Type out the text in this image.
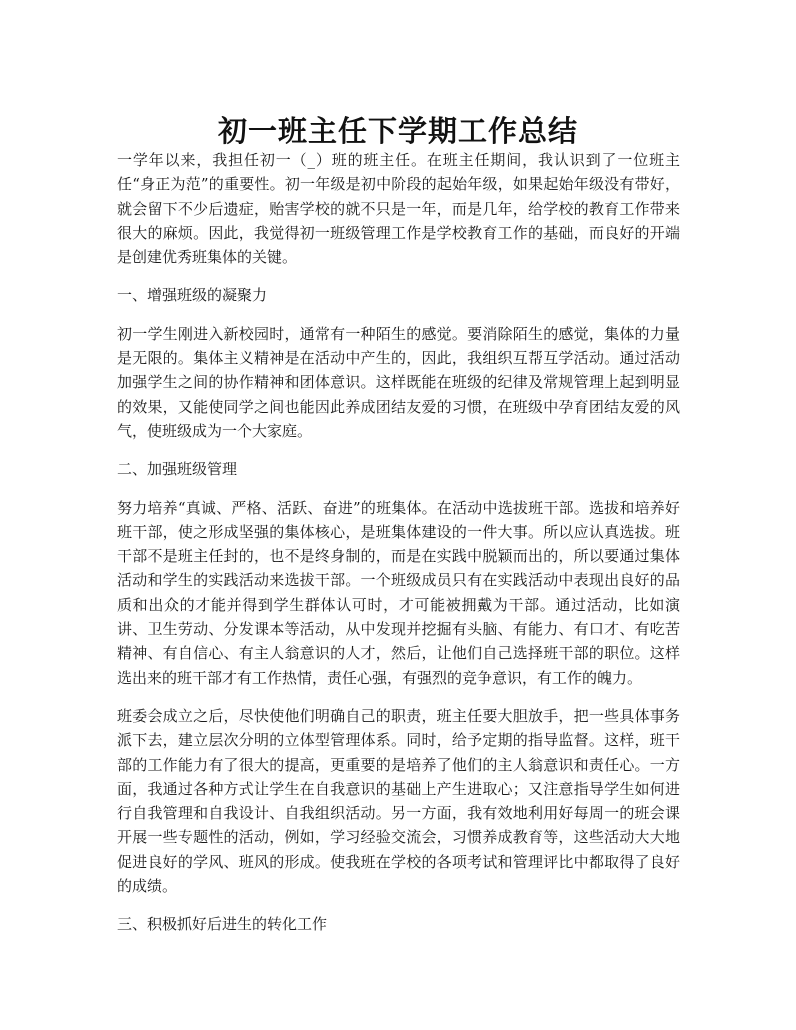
初一班主任下学期工作总结

一学年以来，我担任初一（_）班的班主任。在班主任期间，我认识到了一位班主任“身正为范”的重要性。初一年级是初中阶段的起始年级，如果起始年级没有带好，就会留下不少后遗症，贻害学校的就不只是一年，而是几年，给学校的教育工作带来很大的麻烦。因此，我觉得初一班级管理工作是学校教育工作的基础，而良好的开端是创建优秀班集体的关键。

一、增强班级的凝聚力

初一学生刚进入新校园时，通常有一种陌生的感觉。要消除陌生的感觉，集体的力量是无限的。集体主义精神是在活动中产生的，因此，我组织互帮互学活动。通过活动加强学生之间的协作精神和团体意识。这样既能在班级的纪律及常规管理上起到明显的效果，又能使同学之间也能因此养成团结友爱的习惯，在班级中孕育团结友爱的风气，使班级成为一个大家庭。

二、加强班级管理

努力培养“真诚、严格、活跃、奋进”的班集体。在活动中选拔班干部。选拔和培养好班干部，使之形成坚强的集体核心，是班集体建设的一件大事。所以应认真选拔。班干部不是班主任封的，也不是终身制的，而是在实践中脱颖而出的，所以要通过集体活动和学生的实践活动来选拔干部。一个班级成员只有在实践活动中表现出良好的品质和出众的才能并得到学生群体认可时，才可能被拥戴为干部。通过活动，比如演讲、卫生劳动、分发课本等活动，从中发现并挖掘有头脑、有能力、有口才、有吃苦精神、有自信心、有主人翁意识的人才，然后，让他们自己选择班干部的职位。这样选出来的班干部才有工作热情，责任心强，有强烈的竞争意识，有工作的魄力。

班委会成立之后，尽快使他们明确自己的职责，班主任要大胆放手，把一些具体事务派下去，建立层次分明的立体型管理体系。同时，给予定期的指导监督。这样，班干部的工作能力有了很大的提高，更重要的是培养了他们的主人翁意识和责任心。一方面，我通过各种方式让学生在自我意识的基础上产生进取心；又注意指导学生如何进行自我管理和自我设计、自我组织活动。另一方面，我有效地利用好每周一的班会课开展一些专题性的活动，例如，学习经验交流会，习惯养成教育等，这些活动大大地促进良好的学风、班风的形成。使我班在学校的各项考试和管理评比中都取得了良好的成绩。

三、积极抓好后进生的转化工作
